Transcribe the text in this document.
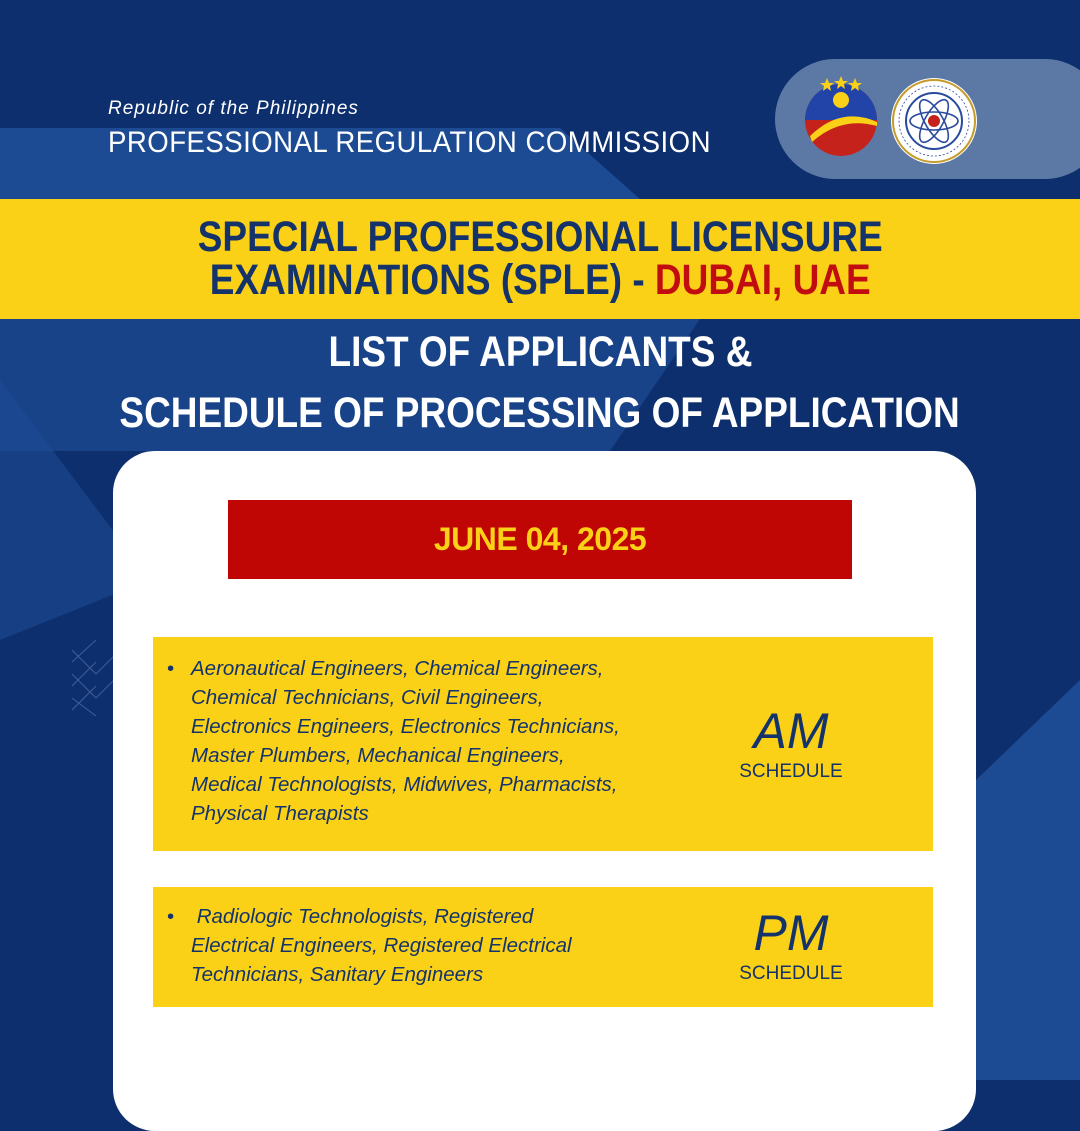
Republic of the Philippines
PROFESSIONAL REGULATION COMMISSION
SPECIAL PROFESSIONAL LICENSURE
EXAMINATIONS (SPLE) - DUBAI, UAE
LIST OF APPLICANTS &
SCHEDULE OF PROCESSING OF APPLICATION
JUNE 04, 2025
• Aeronautical Engineers, Chemical Engineers,
Chemical Technicians, Civil Engineers,
Electronics Engineers, Electronics Technicians,
Master Plumbers, Mechanical Engineers,
Medical Technologists, Midwives, Pharmacists,
Physical Therapists
AM
SCHEDULE
• Radiologic Technologists, Registered
Electrical Engineers, Registered Electrical
Technicians, Sanitary Engineers
PM
SCHEDULE
